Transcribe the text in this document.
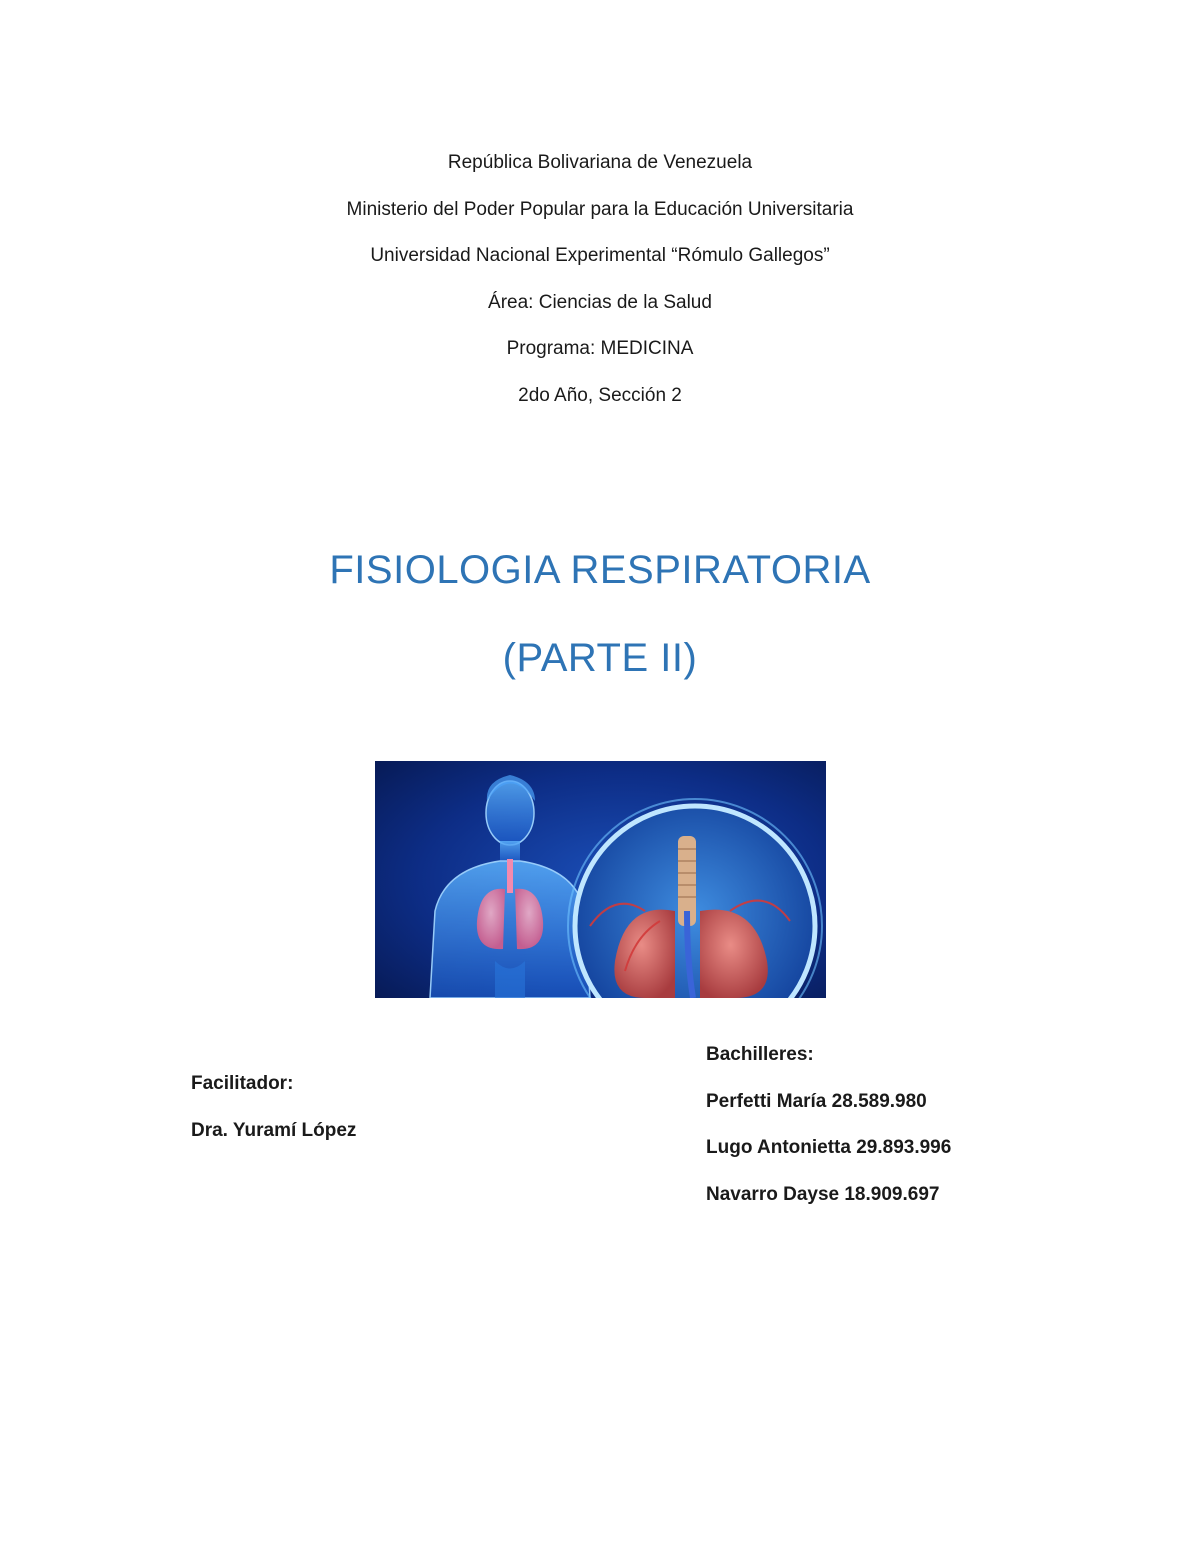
República Bolivariana de Venezuela
Ministerio del Poder Popular para la Educación Universitaria
Universidad Nacional Experimental “Rómulo Gallegos”
Área: Ciencias de la Salud
Programa: MEDICINA
2do Año, Sección 2
FISIOLOGIA RESPIRATORIA
(PARTE II)
Facilitador:
Dra. Yuramí López
Bachilleres:
Perfetti María 28.589.980
Lugo Antonietta 29.893.996
Navarro Dayse 18.909.697
